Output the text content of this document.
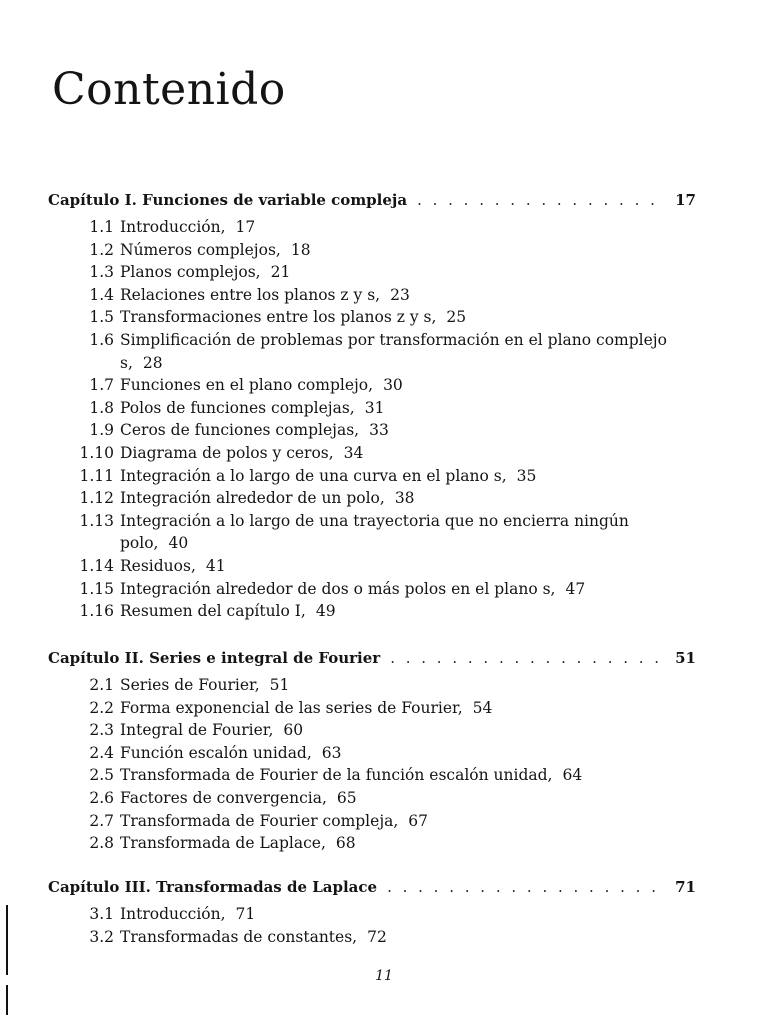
Contenido
Capítulo I. Funciones de variable compleja . . .	17
1.1 Introducción, 17
1.2 Números complejos, 18
1.3 Planos complejos, 21
1.4 Relaciones entre los planos z y s, 23
1.5 Transformaciones entre los planos z y s, 25
1.6 Simplificación de problemas por transformación en el plano complejo s, 28
1.7 Funciones en el plano complejo, 30
1.8 Polos de funciones complejas, 31
1.9 Ceros de funciones complejas, 33
1.10 Diagrama de polos y ceros, 34
1.11 Integración a lo largo de una curva en el plano s, 35
1.12 Integración alrededor de un polo, 38
1.13 Integración a lo largo de una trayectoria que no encierra ningún polo, 40
1.14 Residuos, 41
1.15 Integración alrededor de dos o más polos en el plano s, 47
1.16 Resumen del capítulo I, 49
Capítulo II. Series e integral de Fourier . . .	51
2.1 Series de Fourier, 51
2.2 Forma exponencial de las series de Fourier, 54
2.3 Integral de Fourier, 60
2.4 Función escalón unidad, 63
2.5 Transformada de Fourier de la función escalón unidad, 64
2.6 Factores de convergencia, 65
2.7 Transformada de Fourier compleja, 67
2.8 Transformada de Laplace, 68
Capítulo III. Transformadas de Laplace . . .	71
3.1 Introducción, 71
3.2 Transformadas de constantes, 72
11
